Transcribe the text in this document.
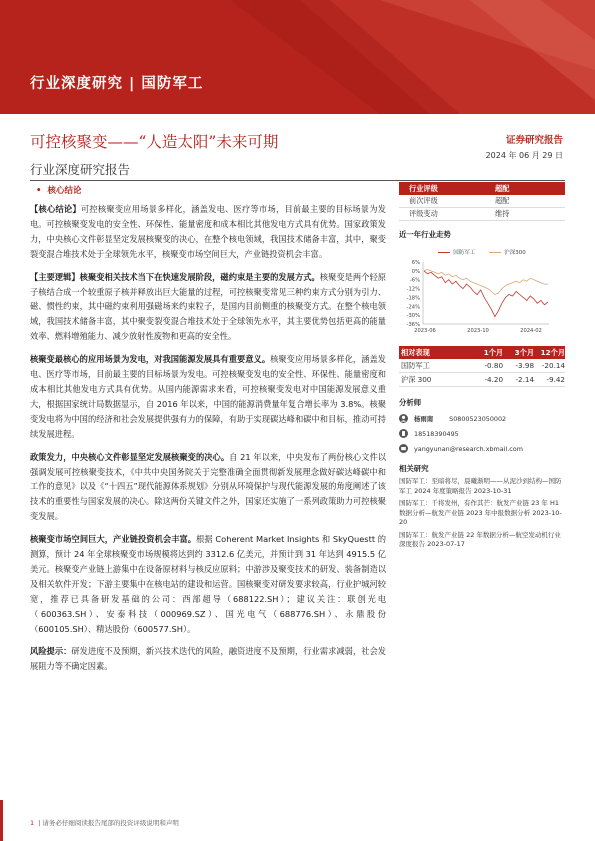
行业深度研究 | 国防军工
可控核聚变——“人造太阳”未来可期
行业深度研究报告
证券研究报告
2024 年 06 月 29 日
• 核心结论

【核心结论】可控核聚变应用场景多样化，涵盖发电、医疗等市场，目前最主要的目标场景为发电。可控核聚变发电的安全性、环保性、能量密度和成本相比其他发电方式具有优势。国家政策发力，中央核心文件彰显坚定发展核聚变的决心，在整个核电领域，我国技术储备丰富，其中，聚变裂变混合堆技术处于全球领先水平，核聚变市场空间巨大，产业链投资机会丰富。

【主要逻辑】核聚变相关技术当下在快速发展阶段，磁约束是主要的发展方式。核聚变是两个轻原子核结合成一个较重原子核并释放出巨大能量的过程，可控核聚变常见三种约束方式分别为引力、磁、惯性约束，其中磁约束利用强磁场来约束粒子，是国内目前侧重的核聚变方式。在整个核电领域，我国技术储备丰富，其中聚变裂变混合堆技术处于全球领先水平，其主要优势包括更高的能量效率、燃料增殖能力、减少放射性废物和更高的安全性。

核聚变最核心的应用场景为发电，对我国能源发展具有重要意义。核聚变应用场景多样化，涵盖发电、医疗等市场，目前最主要的目标场景为发电。可控核聚变发电的安全性、环保性、能量密度和成本相比其他发电方式具有优势。从国内能源需求来看，可控核聚变发电对中国能源发展意义重大，根据国家统计局数据显示，自 2016 年以来，中国的能源消费量年复合增长率为 3.8%。核聚变发电将为中国的经济和社会发展提供强有力的保障，有助于实现碳达峰和碳中和目标，推动可持续发展进程。

政策发力，中央核心文件彰显坚定发展核聚变的决心。自 21 年以来，中央发布了两份核心文件以强调发展可控核聚变技术，《中共中央国务院关于完整准确全面贯彻新发展理念做好碳达峰碳中和工作的意见》以及《“十四五”现代能源体系规划》分别从环境保护与现代能源发展的角度阐述了该技术的重要性与国家发展的决心。除这两份关键文件之外，国家还实施了一系列政策助力可控核聚变发展。

核聚变市场空间巨大，产业链投资机会丰富。根据 Coherent Market Insights 和 SkyQuestt 的测算，预计 24 年全球核聚变市场规模将达到约 3312.6 亿美元，并预计到 31 年达到 4915.5 亿美元。核聚变产业链上游集中在设备原材料与核反应原料；中游涉及聚变技术的研发、装备制造以及相关软件开发；下游主要集中在核电站的建设和运营。国核聚变对研发要求较高，行业护城河较宽，推荐已具备研发基础的公司：西部超导（688122.SH）；建议关注：联创光电（600363.SH）、安泰科技（000969.SZ）、国光电气（688776.SH）、永鼎股份（600105.SH）、精达股份（600577.SH）。

风险提示：研发进度不及预期，新兴技术迭代的风险，融资进度不及预期，行业需求减弱，社会发展阻力等不确定因素。

行业评级	超配
前次评级	超配
评级变动	维持
近一年行业走势
国防军工	沪深300
6%
0%
-6%
-12%
-18%
-24%
-30%
-36%
2023-06	2023-10	2024-02
相对表现	1个月	3个月 12个月
国防军工	-0.80	-3.98	-20.14
沪深 300	-4.20	-2.14	-9.42
分析师
杨雨南	S0800523050002
18518390495
yangyunan@research.xbmail.com
相关研究
国防军工：至暗将尽，晨曦渐明——从泥沙到结构—国防军工 2024 年度策略报告 2023-10-31
国防军工：千将发州，有作其芒：航发产业链 23 年 H1 数据分析—航发产业链 2023 年中报数据分析 2023-10-20
国防军工：航发产业链 22 年数据分析—航空发动机行业深度报告 2023-07-17
1 | 请务必仔细阅读报告尾部的投资评级说明和声明
